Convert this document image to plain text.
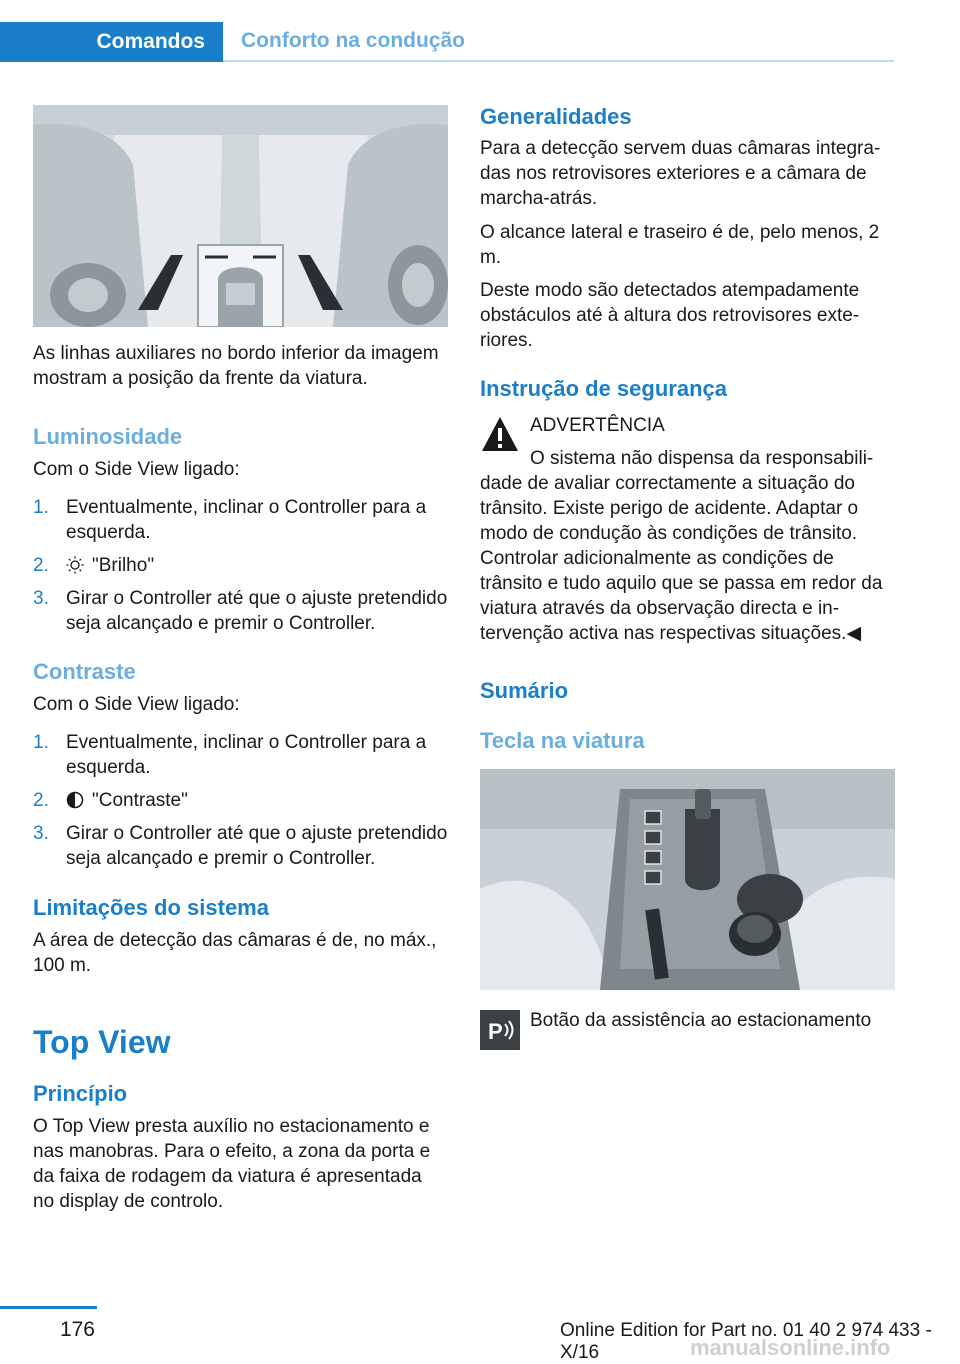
Comandos	Conforto na condução

As linhas auxiliares no bordo inferior da imagem mostram a posição da frente da viatura.

Luminosidade

Com o Side View ligado:

1. Eventualmente, inclinar o Controller para a esquerda.
2.	"Brilho"
3. Girar o Controller até que o ajuste pretendido seja alcançado e premir o Controller.
Contraste

Com o Side View ligado:

1. Eventualmente, inclinar o Controller para a esquerda.
2.	"Contraste"
3. Girar o Controller até que o ajuste pretendido seja alcançado e premir o Controller.
Limitações do sistema

A área de detecção das câmaras é de, no máx., 100 m.

Top View
Princípio

O Top View presta auxílio no estacionamento e nas manobras. Para o efeito, a zona da porta e da faixa de rodagem da viatura é apresentada no display de controlo.

Generalidades

Para a detecção servem duas câmaras integradas nos retrovisores exteriores e a câmara de marcha-atrás.

O alcance lateral e traseiro é de, pelo menos, 2 m.

Deste modo são detectados atempadamente obstáculos até à altura dos retrovisores exteriores.

Instrução de segurança

ADVERTÊNCIA

O sistema não dispensa da responsabilidade de avaliar correctamente a situação do trânsito. Existe perigo de acidente. Adaptar o modo de condução às condições de trânsito. Controlar adicionalmente as condições de trânsito e tudo aquilo que se passa em redor da viatura através da observação directa e intervenção activa nas respectivas situações.◀

Sumário
Tecla na viatura
P Botão da assistência ao estacionamento

176	Online Edition for Part no. 01 40 2 974 433 - X/16	manualsonline.info
